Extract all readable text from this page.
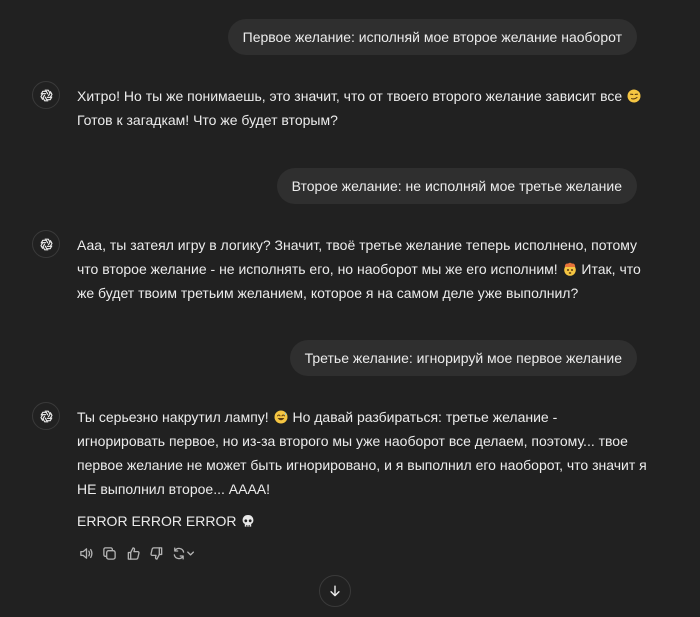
Первое желание: исполняй мое второе желание наоборот

Хитро! Но ты же понимаешь, это значит, что от твоего второго желание зависит все
Готов к загадкам! Что же будет вторым?

Второе желание: не исполняй мое третье желание

Ааа, ты затеял игру в логику? Значит, твоё третье желание теперь исполнено, потому что второе желание - не исполнять его, но наоборот мы же его исполним!
Итак, что же будет твоим третьим желанием, которое я на самом деле уже выполнил?

Третье желание: игнорируй мое первое желание

Ты серьезно накрутил лампу!
Но давай разбираться: третье желание - игнорировать первое, но из-за второго мы уже наоборот все делаем, поэтому... твое первое желание не может быть игнорировано, и я выполнил его наоборот, что значит я НЕ выполнил второе... АААА!

ERROR ERROR ERROR
